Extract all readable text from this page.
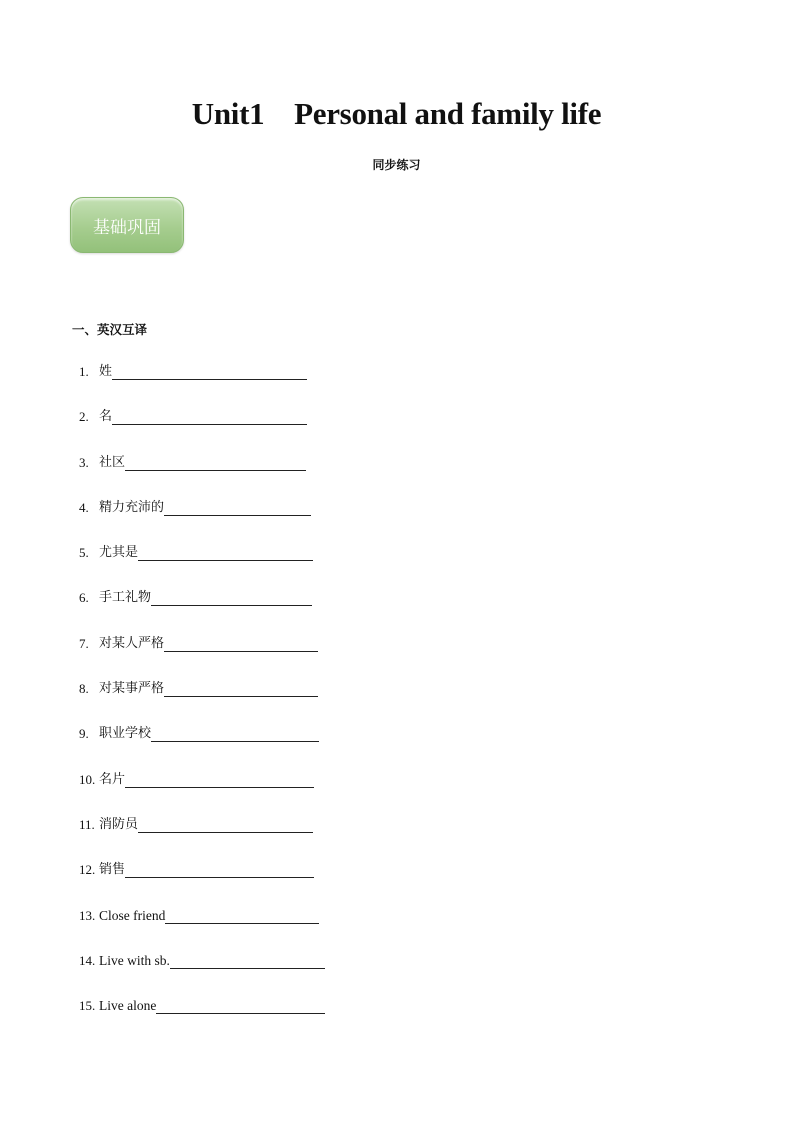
Unit1    Personal and family life
同步练习
基础巩固
一、英汉互译
1. 姓
2. 名
3. 社区
4. 精力充沛的
5. 尤其是
6. 手工礼物
7. 对某人严格
8. 对某事严格
9. 职业学校
10. 名片
11. 消防员
12. 销售
13. Close friend
14. Live with sb.
15. Live alone
